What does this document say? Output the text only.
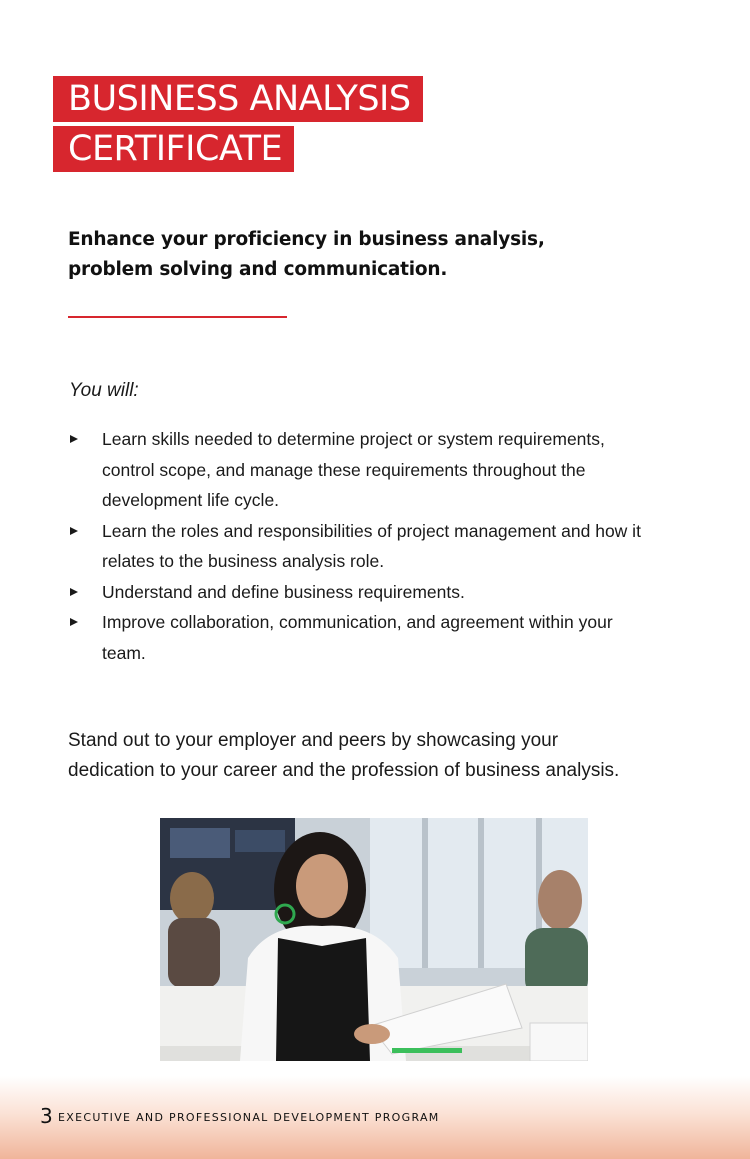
BUSINESS ANALYSIS
CERTIFICATE
Enhance your proficiency in business analysis,
problem solving and communication.
You will:
Learn skills needed to determine project or system requirements,
control scope, and manage these requirements throughout the
development life cycle.
Learn the roles and responsibilities of project management and how it
relates to the business analysis role.
Understand and define business requirements.
Improve collaboration, communication, and agreement within your
team.
Stand out to your employer and peers by showcasing your
dedication to your career and the profession of business analysis.
3 EXECUTIVE AND PROFESSIONAL DEVELOPMENT PROGRAM
